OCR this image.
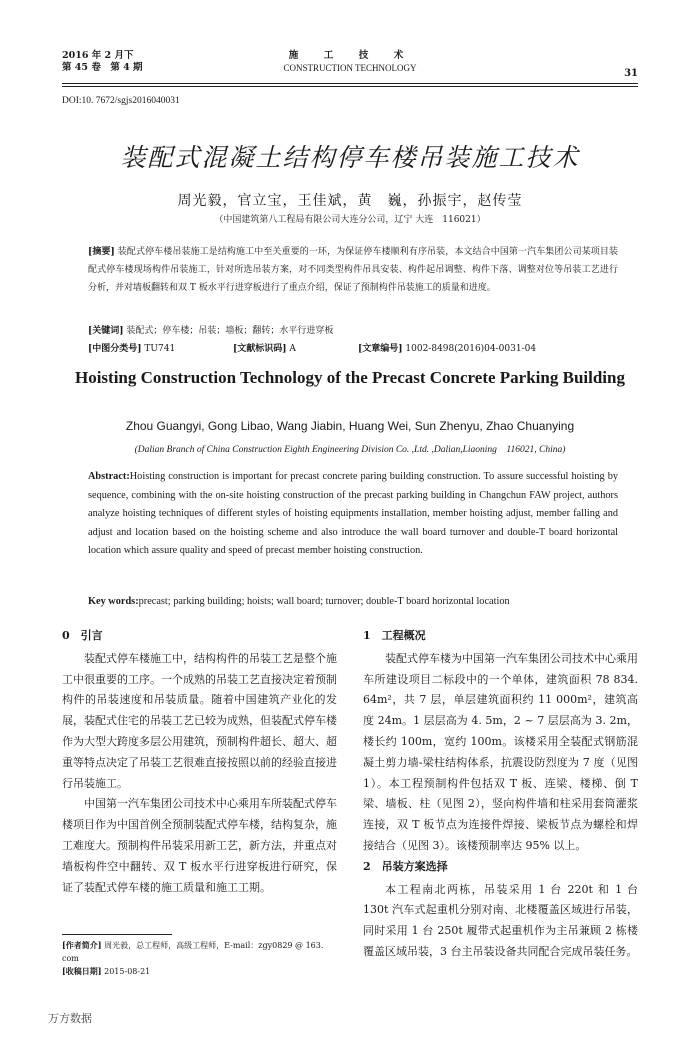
2016 年 2 月下
第 45 卷　第 4 期
施　工　技　术
CONSTRUCTION TECHNOLOGY	31
DOI:10. 7672/sgjs2016040031
装配式混凝土结构停车楼吊装施工技术
周光毅，官立宝，王佳斌，黄　巍，孙振宇，赵传莹
（中国建筑第八工程局有限公司大连分公司，辽宁 大连　116021）
[摘要] 装配式停车楼吊装施工是结构施工中至关重要的一环，为保证停车楼顺利有序吊装，本文结合中国第一汽车集团公司某项目装配式停车楼现场构件吊装施工，针对所选吊装方案，对不同类型构件吊具安装、构件起吊调整、构件下落、调整对位等吊装工艺进行分析，并对墙板翻转和双 T 板水平行进穿板进行了重点介绍，保证了预制构件吊装施工的质量和进度。
[关键词] 装配式；停车楼；吊装；墙板；翻转；水平行进穿板
[中图分类号] TU741	[文献标识码] A	[文章编号] 1002-8498(2016)04-0031-04
Hoisting Construction Technology of the Precast Concrete Parking Building
Zhou Guangyi, Gong Libao, Wang Jiabin, Huang Wei, Sun Zhenyu, Zhao Chuanying
(Dalian Branch of China Construction Eighth Engineering Division Co. ,Ltd. ,Dalian,Liaoning　116021, China)
Abstract:Hoisting construction is important for precast concrete paring building construction. To assure successful hoisting by sequence, combining with the on-site hoisting construction of the precast parking building in Changchun FAW project, authors analyze hoisting techniques of different styles of hoisting equipments installation, member hoisting adjust, member falling and adjust and location based on the hoisting scheme and also introduce the wall board turnover and double-T board horizontal location which assure quality and speed of precast member hoisting construction.
Key words:precast; parking building; hoists; wall board; turnover; double-T board horizontal location
0　引言
装配式停车楼施工中，结构构件的吊装工艺是整个施工中很重要的工序。一个成熟的吊装工艺直接决定着预制构件的吊装速度和吊装质量。随着中国建筑产业化的发展，装配式住宅的吊装工艺已较为成熟，但装配式停车楼作为大型大跨度多层公用建筑，预制构件超长、超大、超重等特点决定了吊装工艺很难直接按照以前的经验直接进行吊装施工。
中国第一汽车集团公司技术中心乘用车所装配式停车楼项目作为中国首例全预制装配式停车楼，结构复杂，施工难度大。预制构件吊装采用新工艺，新方法，并重点对墙板构件空中翻转、双 T 板水平行进穿板进行研究，保证了装配式停车楼的施工质量和施工工期。
1　工程概况
装配式停车楼为中国第一汽车集团公司技术中心乘用车所建设项目二标段中的一个单体，建筑面积 78 834. 64m²，共 7 层，单层建筑面积约 11 000m²，建筑高度 24m。1 层层高为 4. 5m，2 ~ 7 层层高为 3. 2m，楼长约 100m，宽约 100m。该楼采用全装配式钢筋混凝土剪力墙-梁柱结构体系，抗震设防烈度为 7 度（见图 1）。本工程预制构件包括双 T 板、连梁、楼梯、倒 T 梁、墙板、柱（见图 2），竖向构件墙和柱采用套筒灌浆连接，双 T 板节点为连接件焊接、梁板节点为螺栓和焊接结合（见图 3）。该楼预制率达 95% 以上。
2　吊装方案选择
本工程南北两栋，吊装采用 1 台 220t 和 1 台 130t 汽车式起重机分别对南、北楼覆盖区域进行吊装，同时采用 1 台 250t 履带式起重机作为主吊兼顾 2 栋楼覆盖区域吊装，3 台主吊装设备共同配合完成吊装任务。
[作者简介] 周光毅，总工程师，高级工程师，E-mail：zgy0829 @ 163. com
[收稿日期] 2015-08-21
万方数据
